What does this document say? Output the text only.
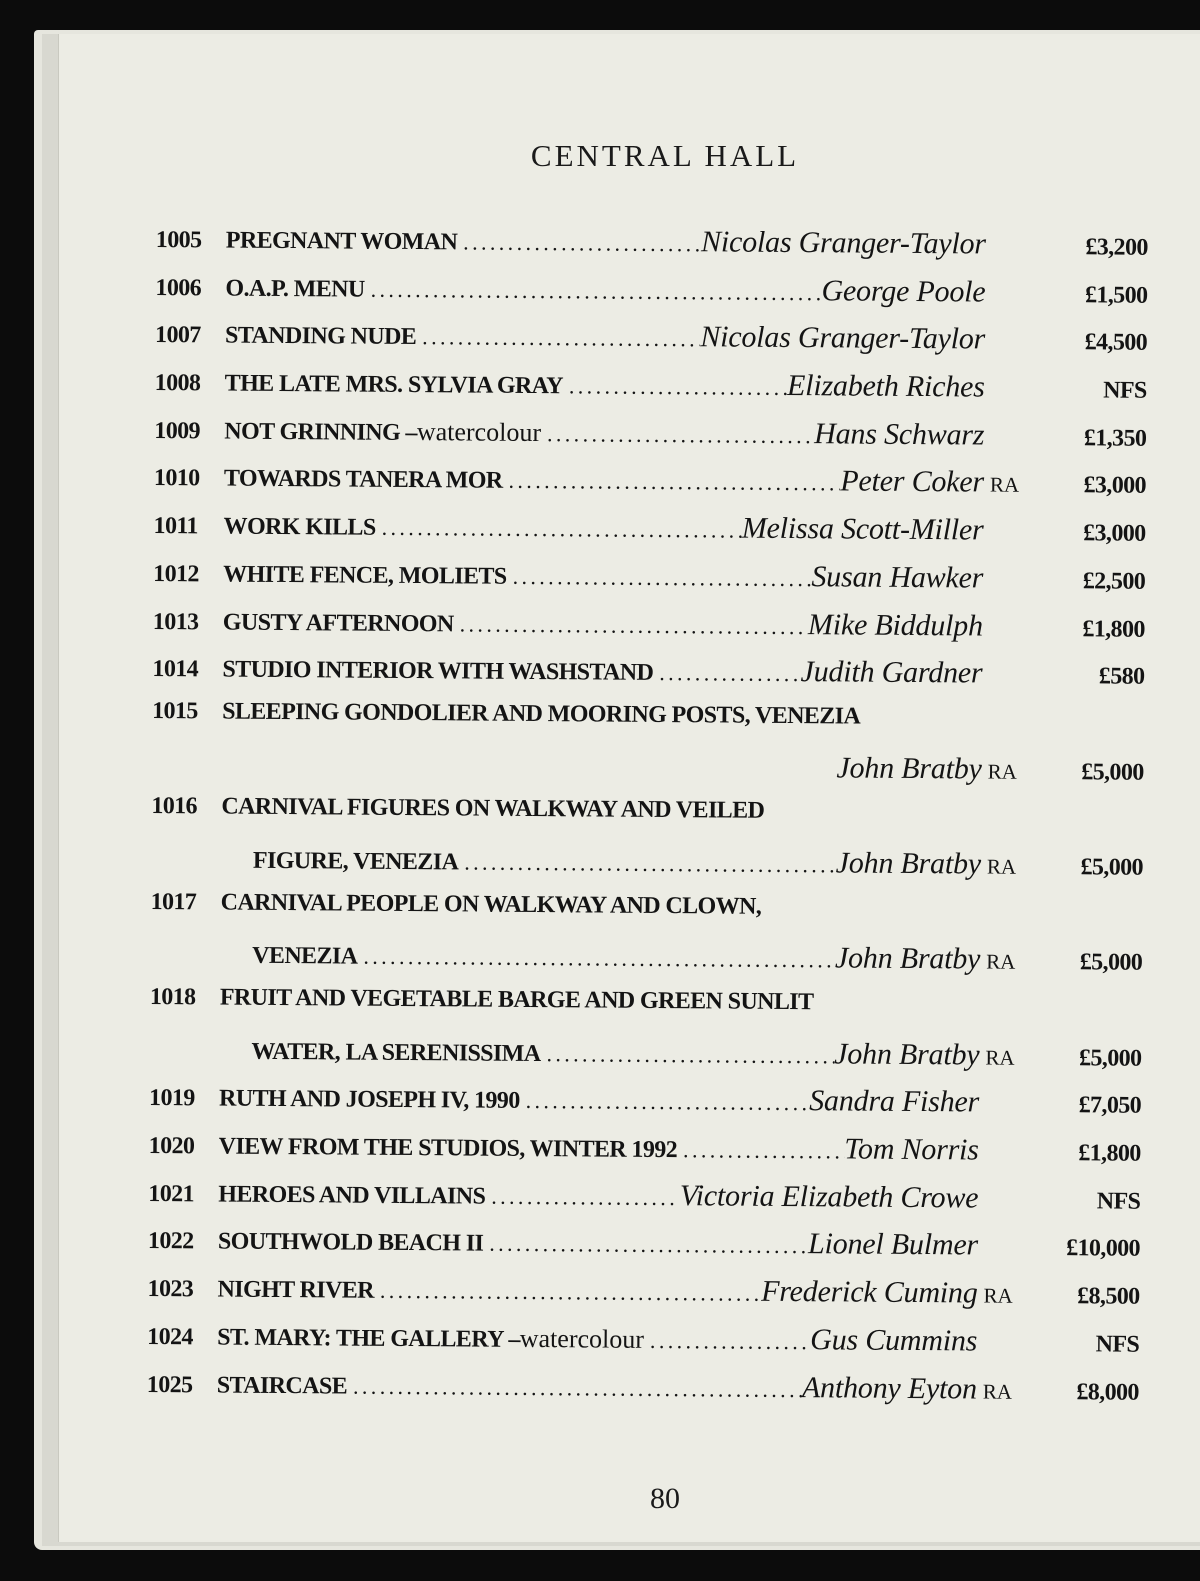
CENTRAL HALL
1005	PREGNANT WOMAN .....	Nicolas Granger-Taylor	£3,200
1006	O.A.P. MENU .....	George Poole	£1,500
1007	STANDING NUDE .....	Nicolas Granger-Taylor	£4,500
1008	THE LATE MRS. SYLVIA GRAY .....	Elizabeth Riches	NFS
1009	NOT GRINNING – watercolour .....	Hans Schwarz	£1,350
1010	TOWARDS TANERA MOR .....	Peter Coker RA	£3,000
1011	WORK KILLS .....	Melissa Scott-Miller	£3,000
1012	WHITE FENCE, MOLIETS .....	Susan Hawker	£2,500
1013	GUSTY AFTERNOON .....	Mike Biddulph	£1,800
1014	STUDIO INTERIOR WITH WASHSTAND .....	Judith Gardner	£580
1015	SLEEPING GONDOLIER AND MOORING POSTS, VENEZIA
John Bratby RA	£5,000
1016	CARNIVAL FIGURES ON WALKWAY AND VEILED
FIGURE, VENEZIA .....	John Bratby RA	£5,000
1017	CARNIVAL PEOPLE ON WALKWAY AND CLOWN,
VENEZIA .....	John Bratby RA	£5,000
1018	FRUIT AND VEGETABLE BARGE AND GREEN SUNLIT
WATER, LA SERENISSIMA .....	John Bratby RA	£5,000
1019	RUTH AND JOSEPH IV, 1990 .....	Sandra Fisher	£7,050
1020	VIEW FROM THE STUDIOS, WINTER 1992 .....	Tom Norris	£1,800
1021	HEROES AND VILLAINS .....	Victoria Elizabeth Crowe	NFS
1022	SOUTHWOLD BEACH II .....	Lionel Bulmer	£10,000
1023	NIGHT RIVER .....	Frederick Cuming RA	£8,500
1024	ST. MARY: THE GALLERY – watercolour .....	Gus Cummins	NFS
1025	STAIRCASE .....	Anthony Eyton RA	£8,000
80
